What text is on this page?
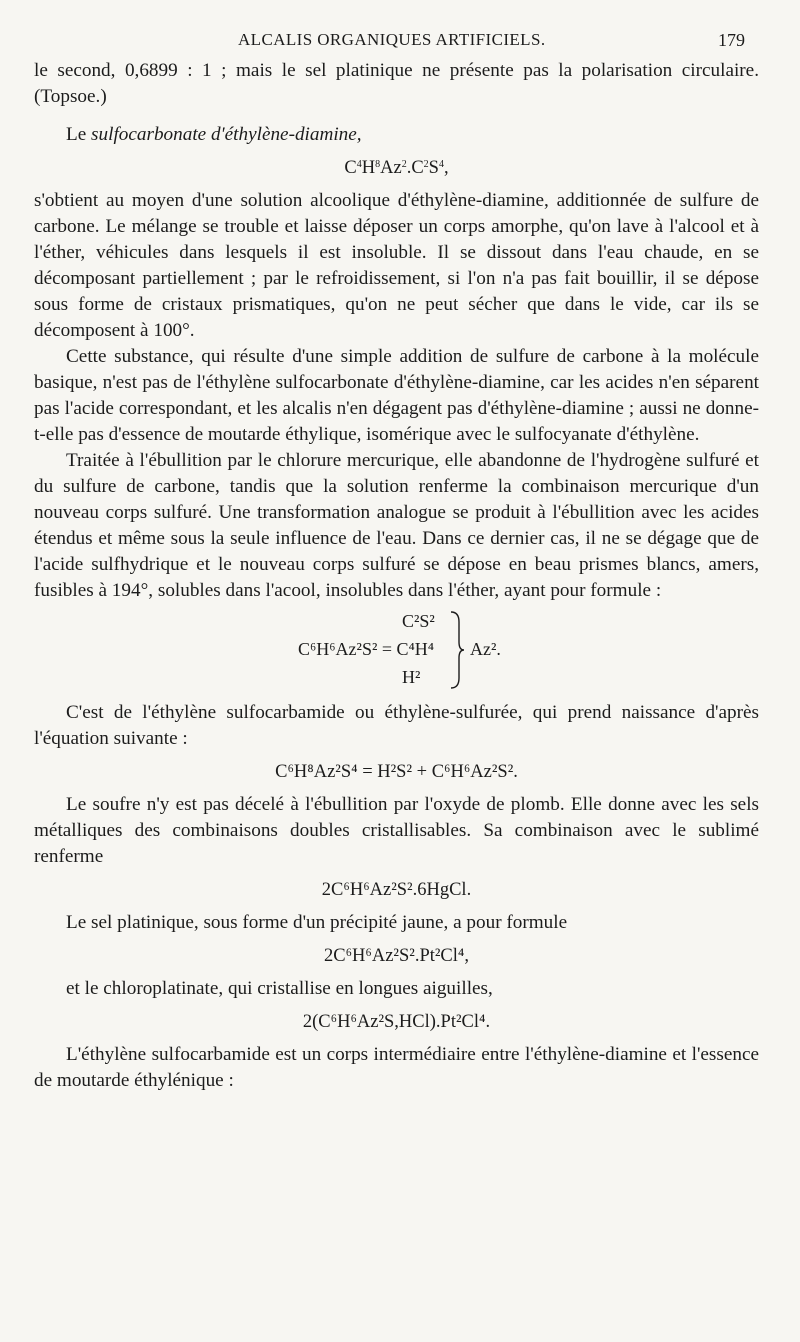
ALCALIS ORGANIQUES ARTIFICIELS.	179

le second, 0,6899 : 1 ; mais le sel platinique ne présente pas la polarisation circulaire. (Topsoe.)

Le sulfocarbonate d'éthylène-diamine,

$C^4H^8Az^2.C^2S^4$,

s'obtient au moyen d'une solution alcoolique d'éthylène-diamine, additionnée de sulfure de carbone. Le mélange se trouble et laisse déposer un corps amorphe, qu'on lave à l'alcool et à l'éther, véhicules dans lesquels il est insoluble. Il se dissout dans l'eau chaude, en se décomposant partiellement ; par le refroidissement, si l'on n'a pas fait bouillir, il se dépose sous forme de cristaux prismatiques, qu'on ne peut sécher que dans le vide, car ils se décomposent à 100°.

Cette substance, qui résulte d'une simple addition de sulfure de carbone à la molécule basique, n'est pas de l'éthylène sulfocarbonate d'éthylène-diamine, car les acides n'en séparent pas l'acide correspondant, et les alcalis n'en dégagent pas d'éthylène-diamine ; aussi ne donne-t-elle pas d'essence de moutarde éthylique, isomérique avec le sulfocyanate d'éthylène.

Traitée à l'ébullition par le chlorure mercurique, elle abandonne de l'hydrogène sulfuré et du sulfure de carbone, tandis que la solution renferme la combinaison mercurique d'un nouveau corps sulfuré. Une transformation analogue se produit à l'ébullition avec les acides étendus et même sous la seule influence de l'eau. Dans ce dernier cas, il ne se dégage que de l'acide sulfhydrique et le nouveau corps sulfuré se dépose en beau prismes blancs, amers, fusibles à 194°, solubles dans l'acool, insolubles dans l'éther, ayant pour formule :

C²S²
C⁶H⁶Az²S² = C⁴H⁴
H²
Az².

C'est de l'éthylène sulfocarbamide ou éthylène-sulfurée, qui prend naissance d'après l'équation suivante :

C⁶H⁸Az²S⁴ = H²S² + C⁶H⁶Az²S².

Le soufre n'y est pas décelé à l'ébullition par l'oxyde de plomb. Elle donne avec les sels métalliques des combinaisons doubles cristallisables. Sa combinaison avec le sublimé renferme

2C⁶H⁶Az²S².6HgCl.

Le sel platinique, sous forme d'un précipité jaune, a pour formule

2C⁶H⁶Az²S².Pt²Cl⁴,

et le chloroplatinate, qui cristallise en longues aiguilles,

2(C⁶H⁶Az²S,HCl).Pt²Cl⁴.

L'éthylène sulfocarbamide est un corps intermédiaire entre l'éthylène-diamine et l'essence de moutarde éthylénique :
